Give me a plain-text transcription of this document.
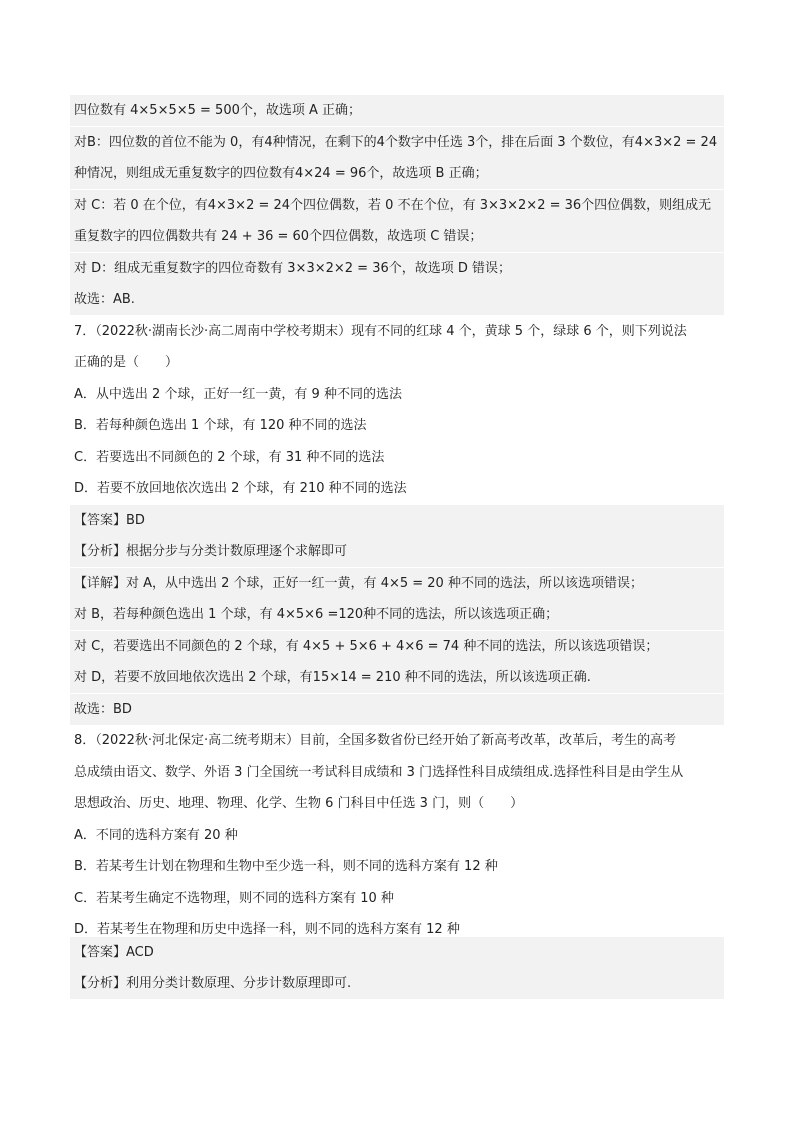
四位数有 4×5×5×5 = 500个，故选项 A 正确；
对B：四位数的首位不能为 0，有4种情况，在剩下的4个数字中任选 3个，排在后面 3 个数位，有4×3×2 = 24
种情况，则组成无重复数字的四位数有4×24 = 96个，故选项 B 正确；
对 C：若 0 在个位，有4×3×2 = 24个四位偶数，若 0 不在个位，有 3×3×2×2 = 36个四位偶数，则组成无
重复数字的四位偶数共有 24 + 36 = 60个四位偶数，故选项 C 错误；
对 D：组成无重复数字的四位奇数有 3×3×2×2 = 36个，故选项 D 错误；
故选：AB.
7．（2022秋·湖南长沙·高二周南中学校考期末）现有不同的红球 4 个，黄球 5 个，绿球 6 个，则下列说法
正确的是（　　）
A．从中选出 2 个球，正好一红一黄，有 9 种不同的选法
B．若每种颜色选出 1 个球，有 120 种不同的选法
C．若要选出不同颜色的 2 个球，有 31 种不同的选法
D．若要不放回地依次选出 2 个球，有 210 种不同的选法
【答案】BD
【分析】根据分步与分类计数原理逐个求解即可
【详解】对 A，从中选出 2 个球，正好一红一黄，有 4×5 = 20 种不同的选法，所以该选项错误；
对 B，若每种颜色选出 1 个球，有 4×5×6 =120种不同的选法，所以该选项正确；
对 C，若要选出不同颜色的 2 个球，有 4×5 + 5×6 + 4×6 = 74 种不同的选法，所以该选项错误；
对 D，若要不放回地依次选出 2 个球，有15×14 = 210 种不同的选法，所以该选项正确.
故选：BD
8．（2022秋·河北保定·高二统考期末）目前，全国多数省份已经开始了新高考改革，改革后，考生的高考
总成绩由语文、数学、外语 3 门全国统一考试科目成绩和 3 门选择性科目成绩组成.选择性科目是由学生从
思想政治、历史、地理、物理、化学、生物 6 门科目中任选 3 门，则（　　）
A．不同的选科方案有 20 种
B．若某考生计划在物理和生物中至少选一科，则不同的选科方案有 12 种
C．若某考生确定不选物理，则不同的选科方案有 10 种
D．若某考生在物理和历史中选择一科，则不同的选科方案有 12 种
【答案】ACD
【分析】利用分类计数原理、分步计数原理即可.
